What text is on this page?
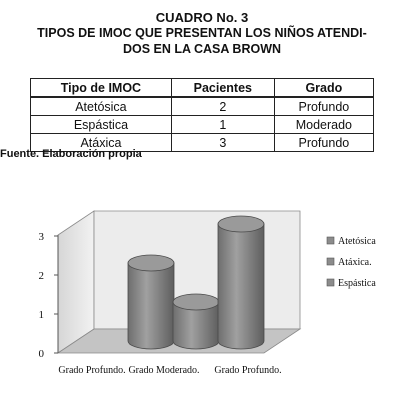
CUADRO No. 3
TIPOS DE IMOC QUE PRESENTAN LOS NIÑOS ATENDI-
DOS EN LA CASA BROWN
Tipo de IMOC	Pacientes	Grado
Atetósica	2	Profundo
Espástica	1	Moderado
Atáxica	3	Profundo
Fuente. Elaboración propia
0
1
2
3
Grado Profundo. Grado Moderado. Grado Profundo.
Atetósica
Atáxica.
Espástica
